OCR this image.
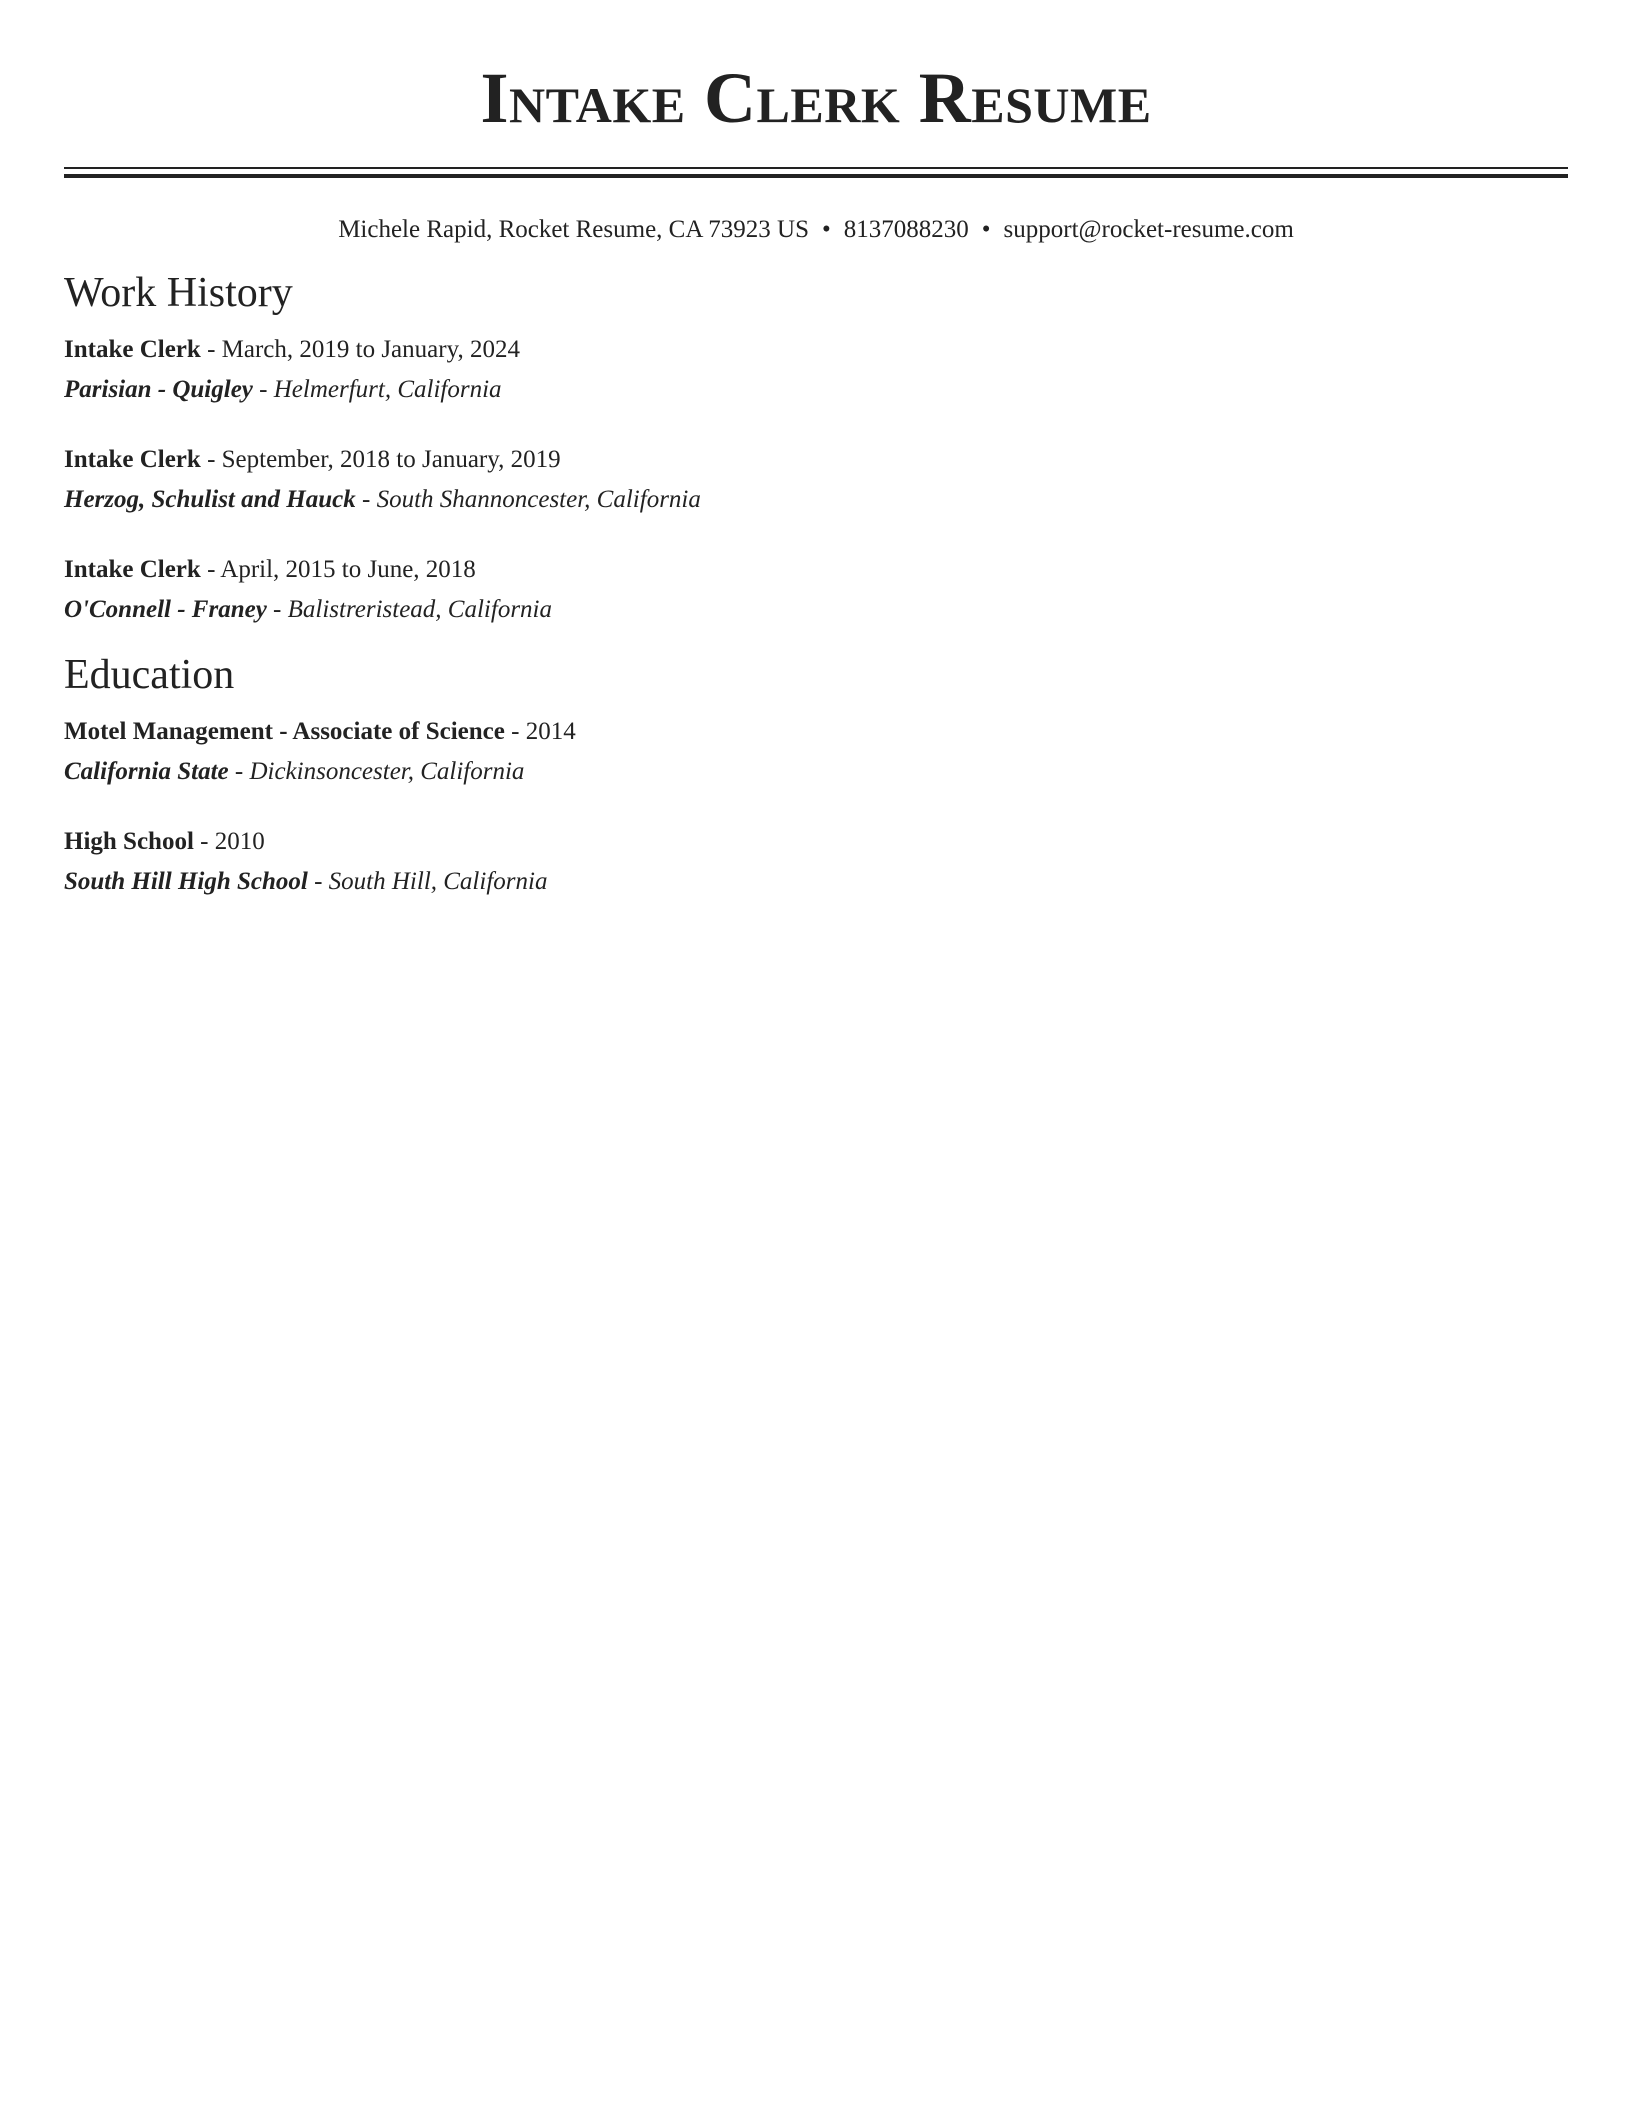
Intake Clerk Resume
Michele Rapid, Rocket Resume, CA 73923 US • 8137088230 • support@rocket-resume.com
Work History
Intake Clerk - March, 2019 to January, 2024
Parisian - Quigley - Helmerfurt, California
Intake Clerk - September, 2018 to January, 2019
Herzog, Schulist and Hauck - South Shannoncester, California
Intake Clerk - April, 2015 to June, 2018
O'Connell - Franey - Balistreristead, California
Education
Motel Management - Associate of Science - 2014
California State - Dickinsoncester, California
High School - 2010
South Hill High School - South Hill, California
